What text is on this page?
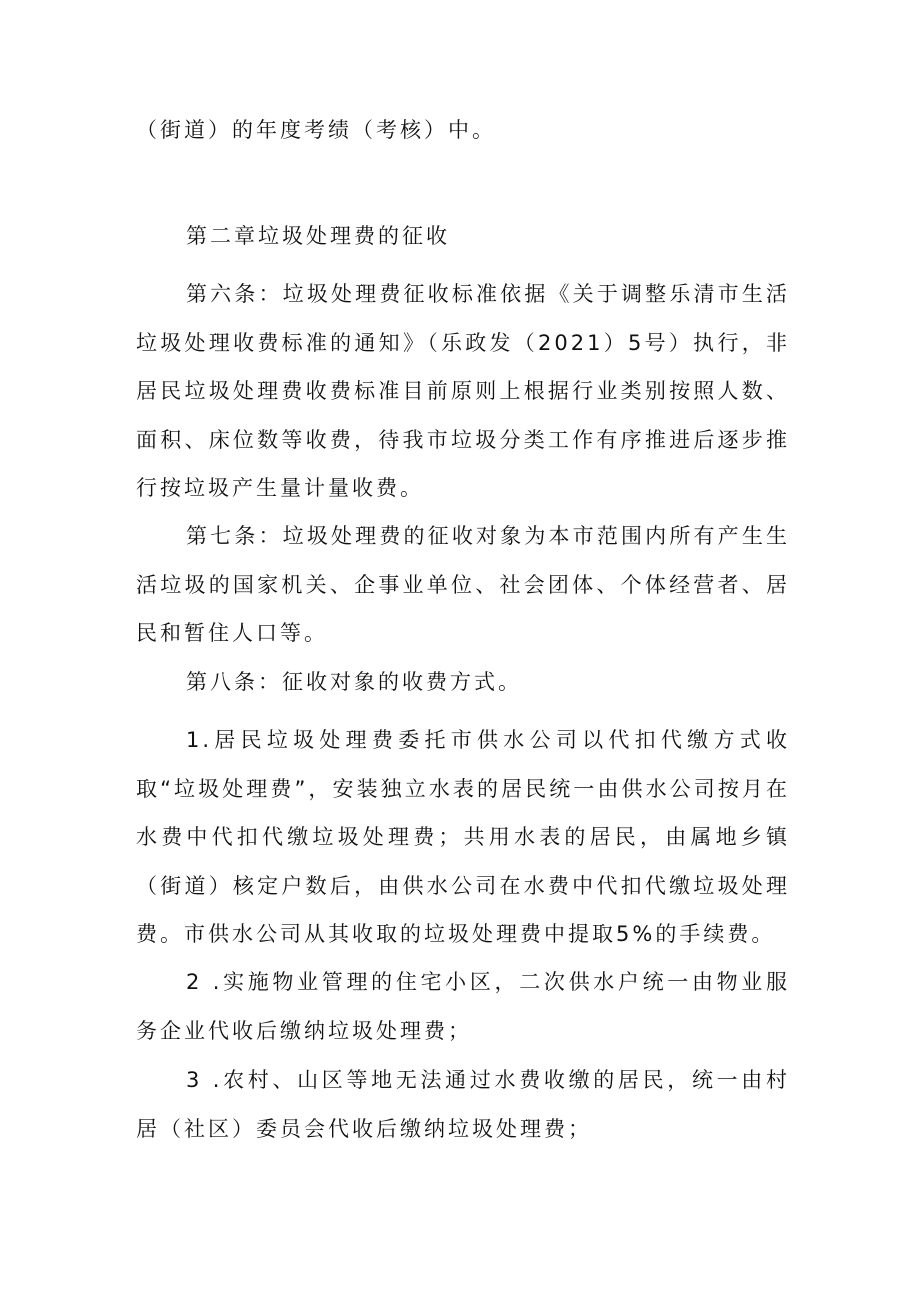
（街道）的年度考绩（考核）中。

第二章垃圾处理费的征收

第六条：垃圾处理费征收标准依据《关于调整乐清市生活垃圾处理收费标准的通知》（乐政发（2021）5号）执行，非居民垃圾处理费收费标准目前原则上根据行业类别按照人数、面积、床位数等收费，待我市垃圾分类工作有序推进后逐步推行按垃圾产生量计量收费。

第七条：垃圾处理费的征收对象为本市范围内所有产生生活垃圾的国家机关、企事业单位、社会团体、个体经营者、居民和暂住人口等。

第八条：征收对象的收费方式。

1.居民垃圾处理费委托市供水公司以代扣代缴方式收取“垃圾处理费”，安装独立水表的居民统一由供水公司按月在水费中代扣代缴垃圾处理费；共用水表的居民，由属地乡镇（街道）核定户数后，由供水公司在水费中代扣代缴垃圾处理费。市供水公司从其收取的垃圾处理费中提取5%的手续费。

2 .实施物业管理的住宅小区，二次供水户统一由物业服务企业代收后缴纳垃圾处理费；

3 .农村、山区等地无法通过水费收缴的居民，统一由村居（社区）委员会代收后缴纳垃圾处理费；
